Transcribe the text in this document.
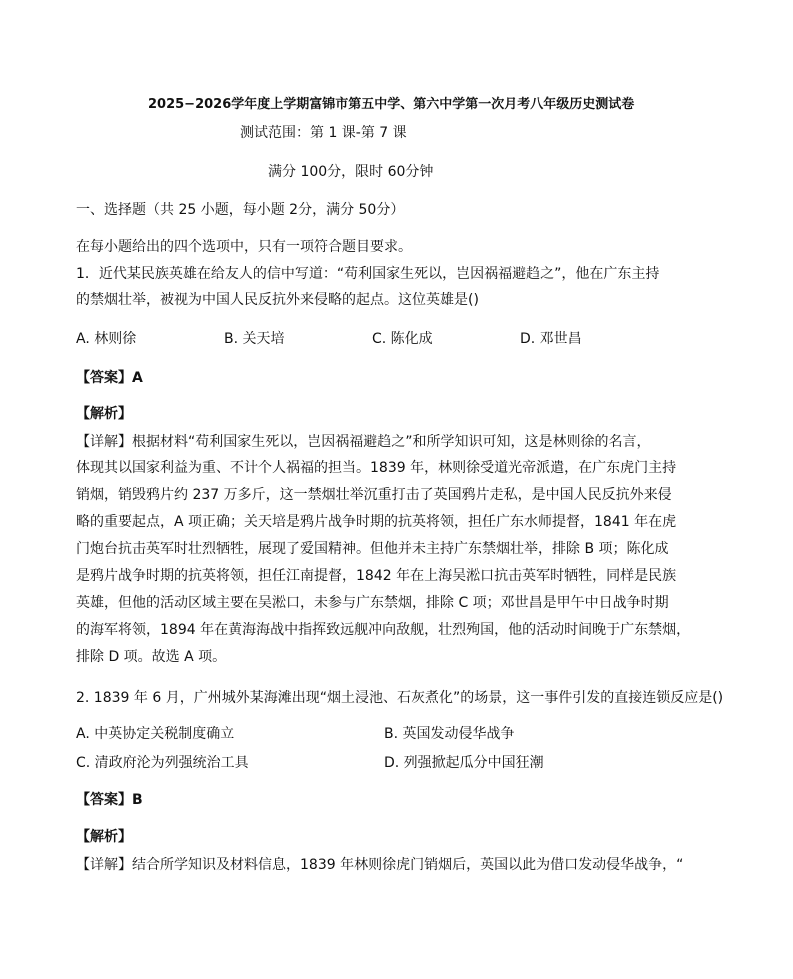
2025−2026学年度上学期富锦市第五中学、第六中学第一次月考八年级历史测试卷
测试范围：第 1 课-第 7 课
满分 100分，限时 60分钟
一、选择题（共 25 小题，每小题 2分，满分 50分）
在每小题给出的四个选项中，只有一项符合题目要求。
1．近代某民族英雄在给友人的信中写道：“苟利国家生死以，岂因祸福避趋之”，他在广东主持
的禁烟壮举，被视为中国人民反抗外来侵略的起点。这位英雄是()
A. 林则徐	B. 关天培	C. 陈化成	D. 邓世昌
【答案】A
【解析】
【详解】根据材料“苟利国家生死以，岂因祸福避趋之”和所学知识可知，这是林则徐的名言，
体现其以国家利益为重、不计个人祸福的担当。1839 年，林则徐受道光帝派遣，在广东虎门主持
销烟，销毁鸦片约 237 万多斤，这一禁烟壮举沉重打击了英国鸦片走私，是中国人民反抗外来侵
略的重要起点，A 项正确；关天培是鸦片战争时期的抗英将领，担任广东水师提督，1841 年在虎
门炮台抗击英军时壮烈牺牲，展现了爱国精神。但他并未主持广东禁烟壮举，排除 B 项；陈化成
是鸦片战争时期的抗英将领，担任江南提督，1842 年在上海吴淞口抗击英军时牺牲，同样是民族
英雄，但他的活动区域主要在吴淞口，未参与广东禁烟，排除 C 项；邓世昌是甲午中日战争时期
的海军将领，1894 年在黄海海战中指挥致远舰冲向敌舰，壮烈殉国，他的活动时间晚于广东禁烟，
排除 D 项。故选 A 项。
2. 1839 年 6 月，广州城外某海滩出现“烟土浸池、石灰煮化”的场景，这一事件引发的直接连锁反应是()
A. 中英协定关税制度确立	B. 英国发动侵华战争
C. 清政府沦为列强统治工具	D. 列强掀起瓜分中国狂潮
【答案】B
【解析】
【详解】结合所学知识及材料信息，1839 年林则徐虎门销烟后，英国以此为借口发动侵华战争，“
